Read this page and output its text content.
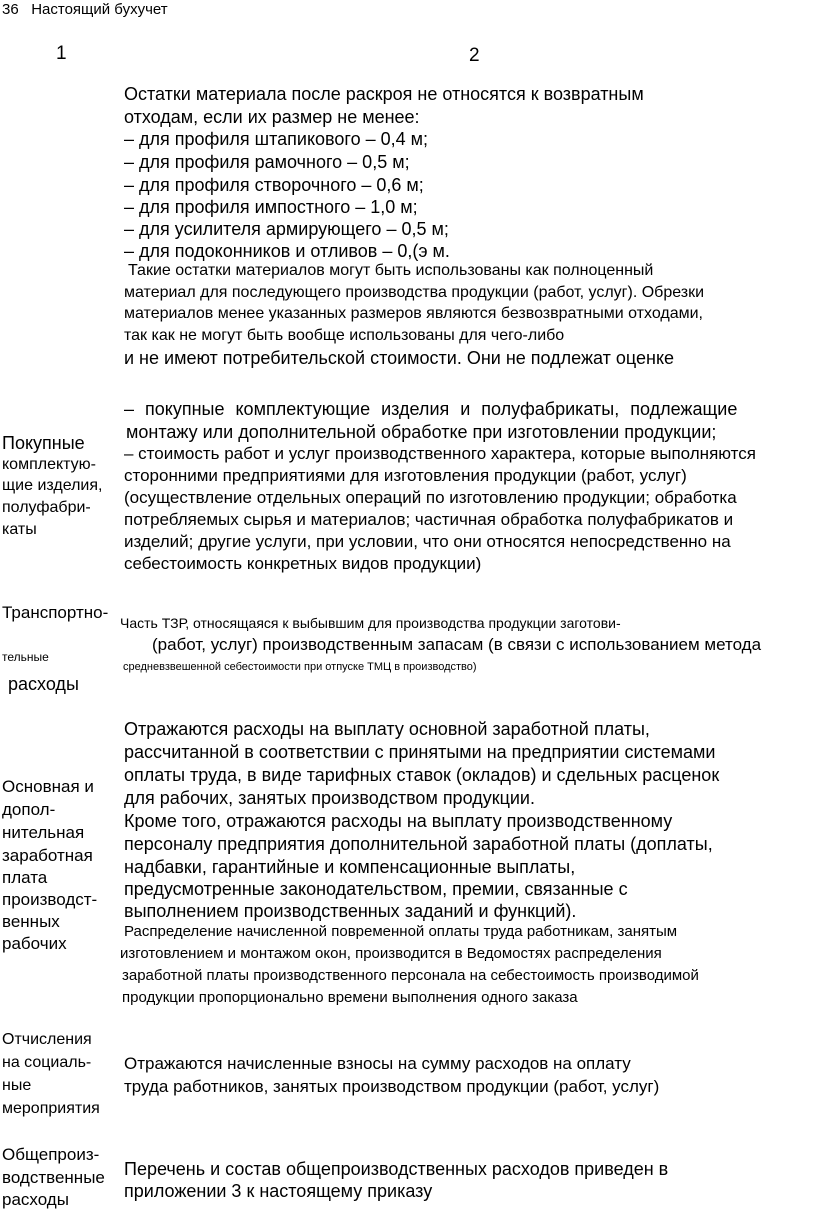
36 Настоящий бухучет
1	2
Остатки материала после раскроя не относятся к возвратным
отходам, если их размер не менее:
– для профиля штапикового – 0,4 м;
– для профиля рамочного – 0,5 м;
– для профиля створочного – 0,6 м;
– для профиля импостного – 1,0 м;
– для усилителя армирующего – 0,5 м;
– для подоконников и отливов – 0,(э м.
Такие остатки материалов могут быть использованы как полноценный
материал для последующего производства продукции (работ, услуг). Обрезки
материалов менее указанных размеров являются безвозвратными отходами,
так как не могут быть вообще использованы для чего-либо
и не имеют потребительской стоимости. Они не подлежат оценке
Покупные
комплектую-
щие изделия,
полуфабри-
каты
– покупные комплектующие изделия и полуфабрикаты, подлежащие
монтажу или дополнительной обработке при изготовлении продукции;
– стоимость работ и услуг производственного характера, которые выполняются
сторонними предприятиями для изготовления продукции (работ, услуг)
(осуществление отдельных операций по изготовлению продукции; обработка
потребляемых сырья и материалов; частичная обработка полуфабрикатов и
изделий; другие услуги, при условии, что они относятся непосредственно на
себестоимость конкретных видов продукции)
Транспортно-
тельные
расходы
Часть ТЗР, относящаяся к выбывшим для производства продукции заготови-
(работ, услуг) производственным запасам (в связи с использованием метода
средневзвешенной себестоимости при отпуске ТМЦ в производство)
Основная и
допол-
нительная
заработная
плата
производст-
венных
рабочих
Отражаются расходы на выплату основной заработной платы,
рассчитанной в соответствии с принятыми на предприятии системами
оплаты труда, в виде тарифных ставок (окладов) и сдельных расценок
для рабочих, занятых производством продукции.
Кроме того, отражаются расходы на выплату производственному
персоналу предприятия дополнительной заработной платы (доплаты,
надбавки, гарантийные и компенсационные выплаты,
предусмотренные законодательством, премии, связанные с
выполнением производственных заданий и функций).
Распределение начисленной повременной оплаты труда работникам, занятым
изготовлением и монтажом окон, производится в Ведомостях распределения
заработной платы производственного персонала на себестоимость производимой
продукции пропорционально времени выполнения одного заказа
Отчисления
на социаль-
ные
мероприятия
Отражаются начисленные взносы на сумму расходов на оплату
труда работников, занятых производством продукции (работ, услуг)
Общепроиз-
водственные
расходы
Перечень и состав общепроизводственных расходов приведен в
приложении 3 к настоящему приказу
